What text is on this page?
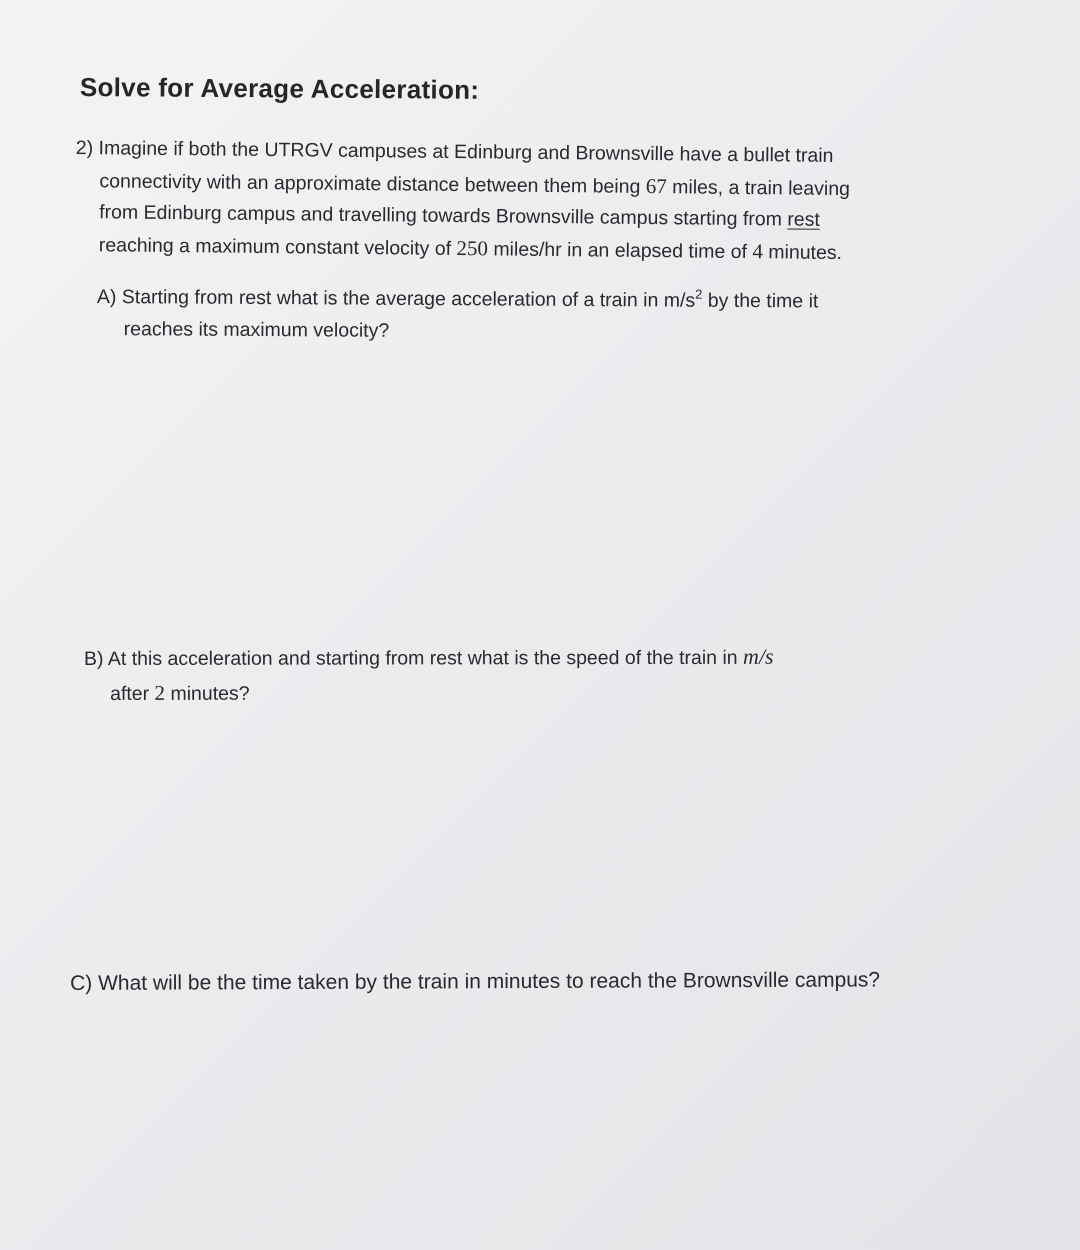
Solve for Average Acceleration:
2) Imagine if both the UTRGV campuses at Edinburg and Brownsville have a bullet train
connectivity with an approximate distance between them being 67 miles, a train leaving
from Edinburg campus and travelling towards Brownsville campus starting from rest
reaching a maximum constant velocity of 250 miles/hr in an elapsed time of 4 minutes.
A) Starting from rest what is the average acceleration of a train in $m/s^2$ by the time it
reaches its maximum velocity?
B) At this acceleration and starting from rest what is the speed of the train in m/s
after 2 minutes?
C) What will be the time taken by the train in minutes to reach the Brownsville campus?
